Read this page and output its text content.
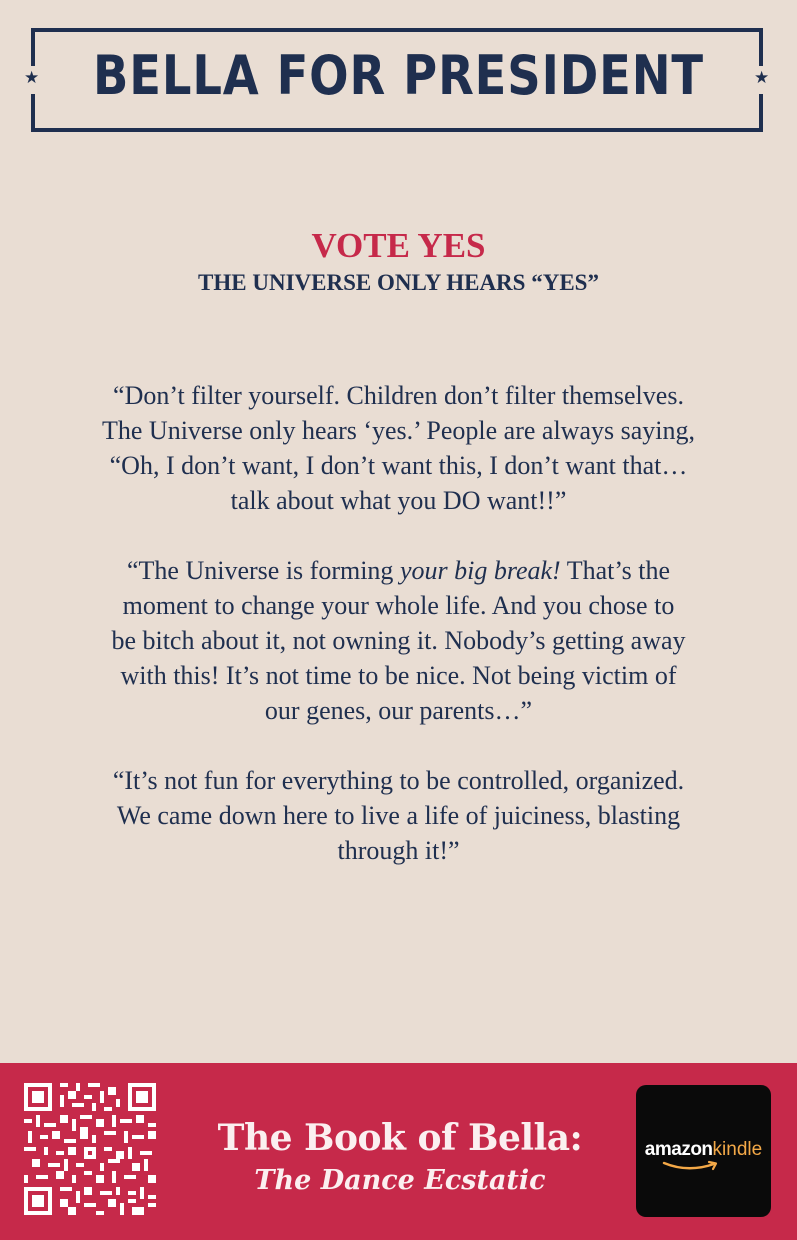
★ BELLA FOR PRESIDENT	★
VOTE YES
THE UNIVERSE ONLY HEARS “YES”

“Don’t filter yourself. Children don’t filter themselves.
The Universe only hears ‘yes.’ People are always saying,
“Oh, I don’t want, I don’t want this, I don’t want that…
talk about what you DO want!!”

“The Universe is forming your big break! That’s the
moment to change your whole life. And you chose to
be bitch about it, not owning it. Nobody’s getting away
with this! It’s not time to be nice. Not being victim of
our genes, our parents…”

“It’s not fun for everything to be controlled, organized.
We came down here to live a life of juiciness, blasting
through it!”

The Book of Bella:
The Dance Ecstatic
amazonkindle
